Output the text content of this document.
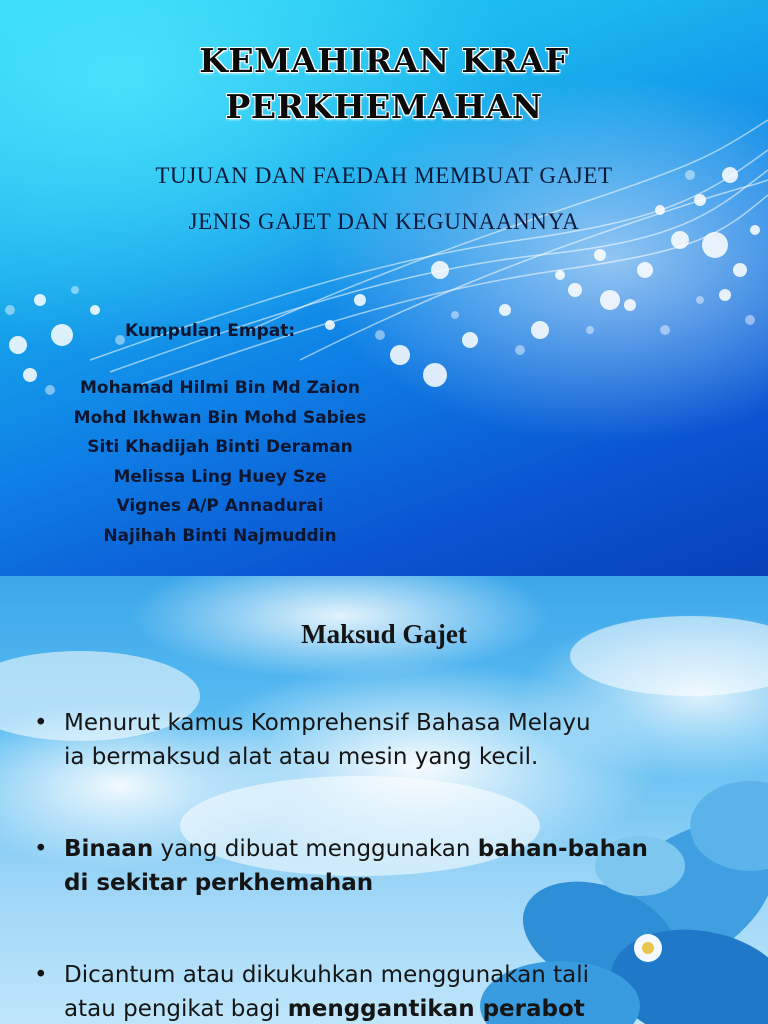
KEMAHIRAN KRAF PERKHEMAHAN

TUJUAN DAN FAEDAH MEMBUAT GAJET

JENIS GAJET DAN KEGUNAANNYA

Kumpulan Empat:

Mohamad Hilmi Bin Md Zaion
Mohd Ikhwan Bin Mohd Sabies
Siti Khadijah Binti Deraman
Melissa Ling Huey Sze
Vignes A/P Annadurai
Najihah Binti Najmuddin
Maksud Gajet
• Menurut kamus Komprehensif Bahasa Melayu
ia bermaksud alat atau mesin yang kecil.
• Binaan yang dibuat menggunakan bahan-bahan
di sekitar perkhemahan
• Dicantum atau dikukuhkan menggunakan tali
atau pengikat bagi menggantikan perabot
